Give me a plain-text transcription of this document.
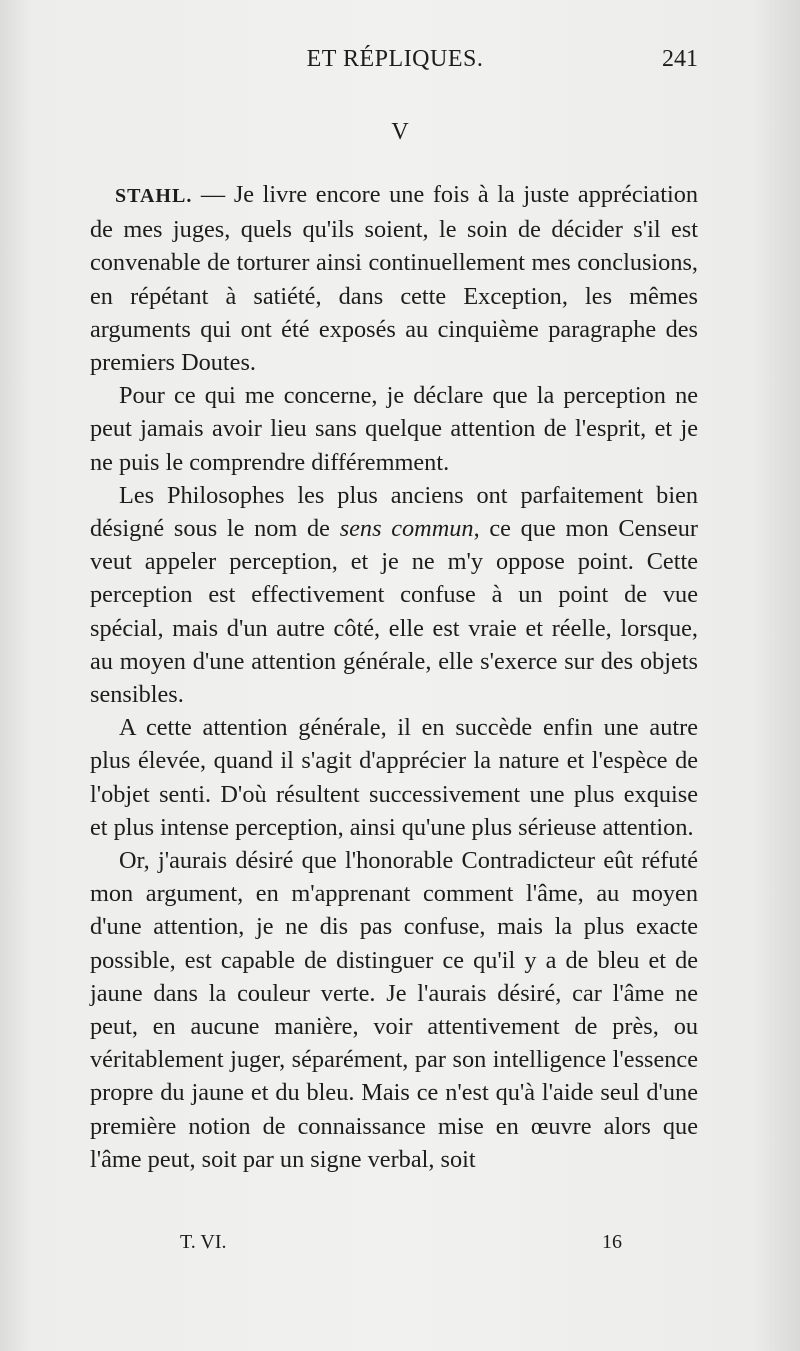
ET RÉPLIQUES.	241
V

STAHL. — Je livre encore une fois à la juste appréciation de mes juges, quels qu'ils soient, le soin de décider s'il est convenable de torturer ainsi continuellement mes conclusions, en répétant à satiété, dans cette Exception, les mêmes arguments qui ont été exposés au cinquième paragraphe des premiers Doutes.

Pour ce qui me concerne, je déclare que la perception ne peut jamais avoir lieu sans quelque attention de l'esprit, et je ne puis le comprendre différemment.

Les Philosophes les plus anciens ont parfaitement bien désigné sous le nom de sens commun, ce que mon Censeur veut appeler perception, et je ne m'y oppose point. Cette perception est effectivement confuse à un point de vue spécial, mais d'un autre côté, elle est vraie et réelle, lorsque, au moyen d'une attention générale, elle s'exerce sur des objets sensibles.

A cette attention générale, il en succède enfin une autre plus élevée, quand il s'agit d'apprécier la nature et l'espèce de l'objet senti. D'où résultent successivement une plus exquise et plus intense perception, ainsi qu'une plus sérieuse attention.

Or, j'aurais désiré que l'honorable Contradicteur eût réfuté mon argument, en m'apprenant comment l'âme, au moyen d'une attention, je ne dis pas confuse, mais la plus exacte possible, est capable de distinguer ce qu'il y a de bleu et de jaune dans la couleur verte. Je l'aurais désiré, car l'âme ne peut, en aucune manière, voir attentivement de près, ou véritablement juger, séparément, par son intelligence l'essence propre du jaune et du bleu. Mais ce n'est qu'à l'aide seul d'une première notion de connaissance mise en œuvre alors que l'âme peut, soit par un signe verbal, soit

T. VI.	16
